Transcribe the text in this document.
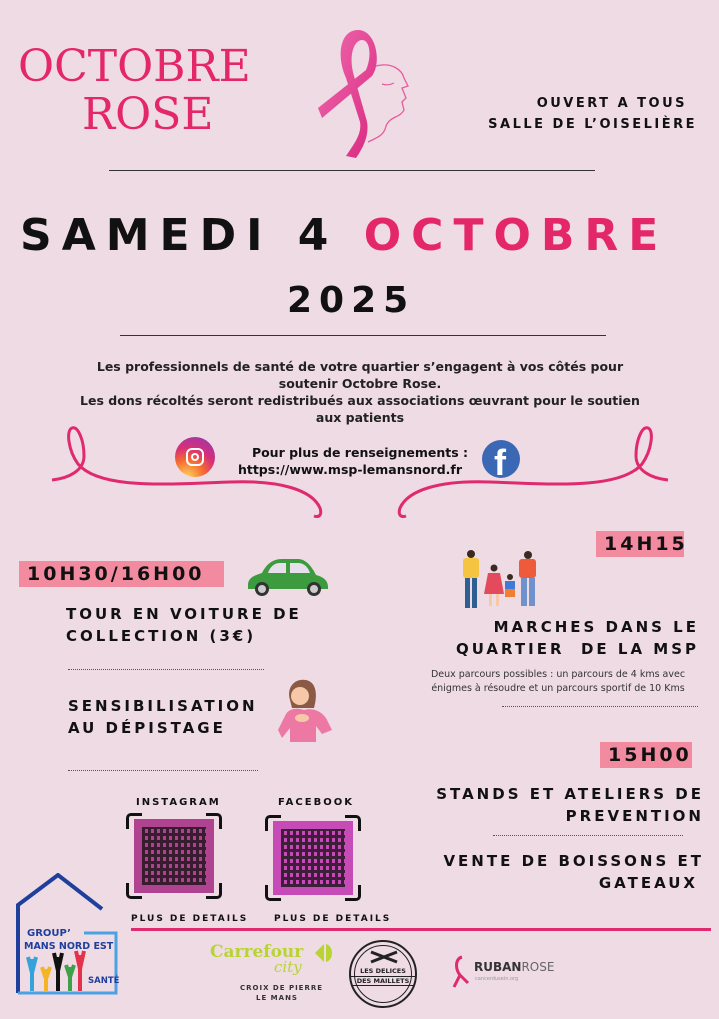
OCTOBRE
ROSE	OUVERT A TOUS
SALLE DE L’OISELIÈRE
SAMEDI 4 OCTOBRE
2025
Les professionnels de santé de votre quartier s’engagent à vos côtés pour
soutenir Octobre Rose.
Les dons récoltés seront redistribués aux associations œuvrant pour le soutien
aux patients
Pour plus de renseignements :
https://www.msp-lemansnord.fr f
10H30/16H00
TOUR EN VOITURE DE
COLLECTION (3€)
SENSIBILISATION
AU DÉPISTAGE
14H15
MARCHES DANS LE
QUARTIER  DE LA MSP
Deux parcours possibles : un parcours de 4 kms avec
énigmes à résoudre et un parcours sportif de 10 Kms
15H00
STANDS ET ATELIERS DE
PREVENTION
VENTE DE BOISSONS ET
GATEAUX
INSTAGRAM
PLUS DE DETAILS
FACEBOOK
PLUS DE DETAILS
GROUP’
MANS NORD EST
SANTÉ
Carrefour
city
CROIX DE PIERRE
LE MANS
LES DELICES
DES MAILLETS
RUBANROSE
cancerdusein.org
